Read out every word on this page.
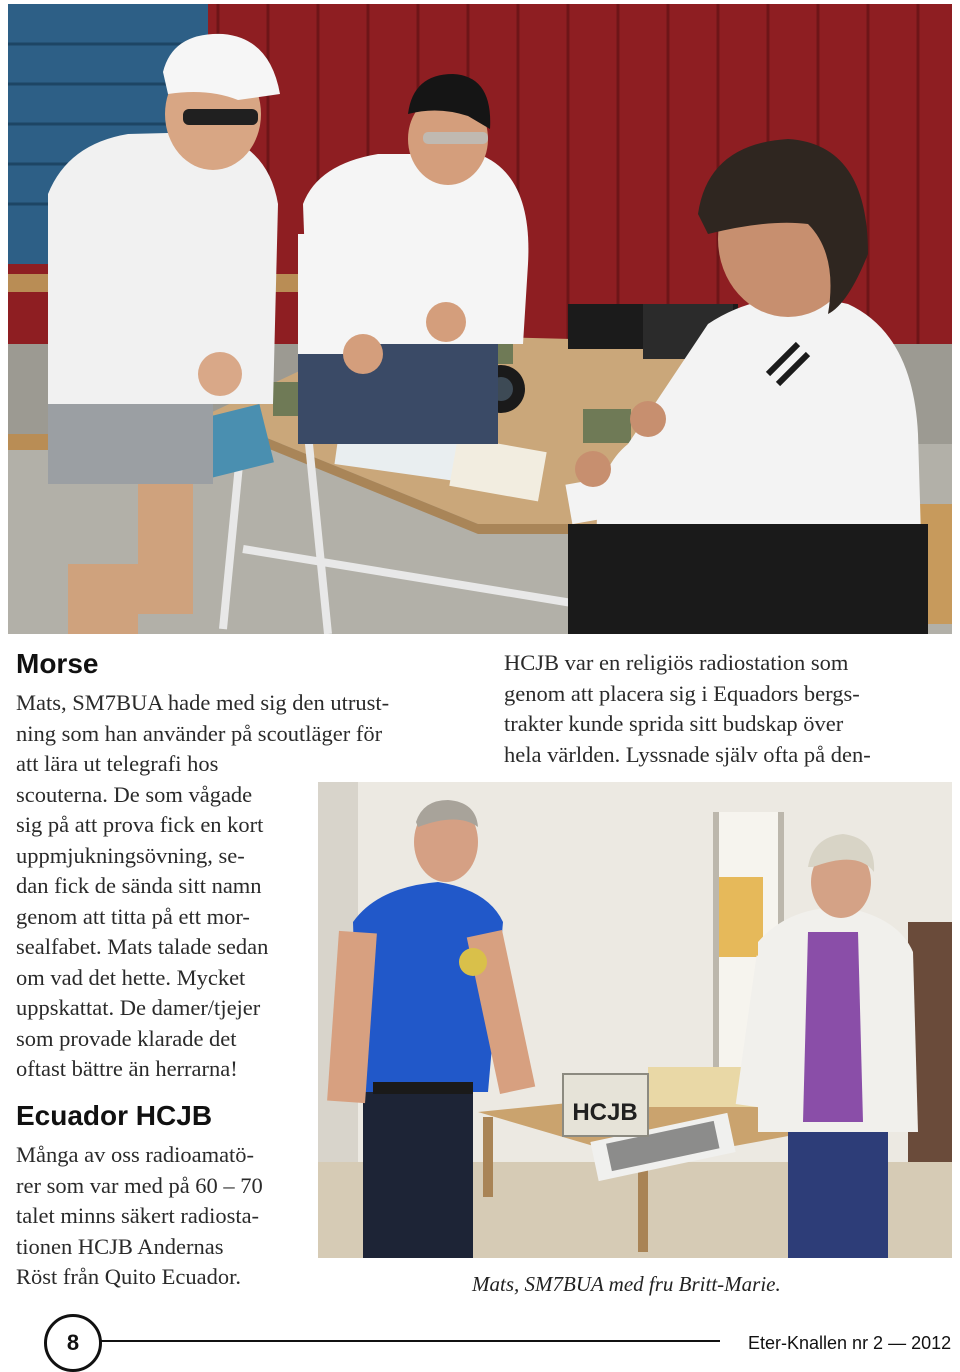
Morse

Mats, SM7BUA hade med sig den utrust-
ning som han använder på scoutläger för
att lära ut telegrafi hos
scouterna. De som vågade
sig på att prova fick en kort
uppmjukningsövning, se-
dan fick de sända sitt namn
genom att titta på ett mor-
sealfabet. Mats talade sedan
om vad det hette. Mycket
uppskattat. De damer/tjejer
som provade klarade det
oftast bättre än herrarna!

Ecuador HCJB

Många av oss radioamatö-
rer som var med på 60 – 70
talet minns säkert radiosta-
tionen HCJB Andernas
Röst från Quito Ecuador.

HCJB var en religiös radiostation som
genom att placera sig i Equadors bergs-
trakter kunde sprida sitt budskap över
hela världen. Lyssnade själv ofta på den-

HCJB

Mats, SM7BUA med fru Britt-Marie.

8	Eter-Knallen nr 2 — 2012
